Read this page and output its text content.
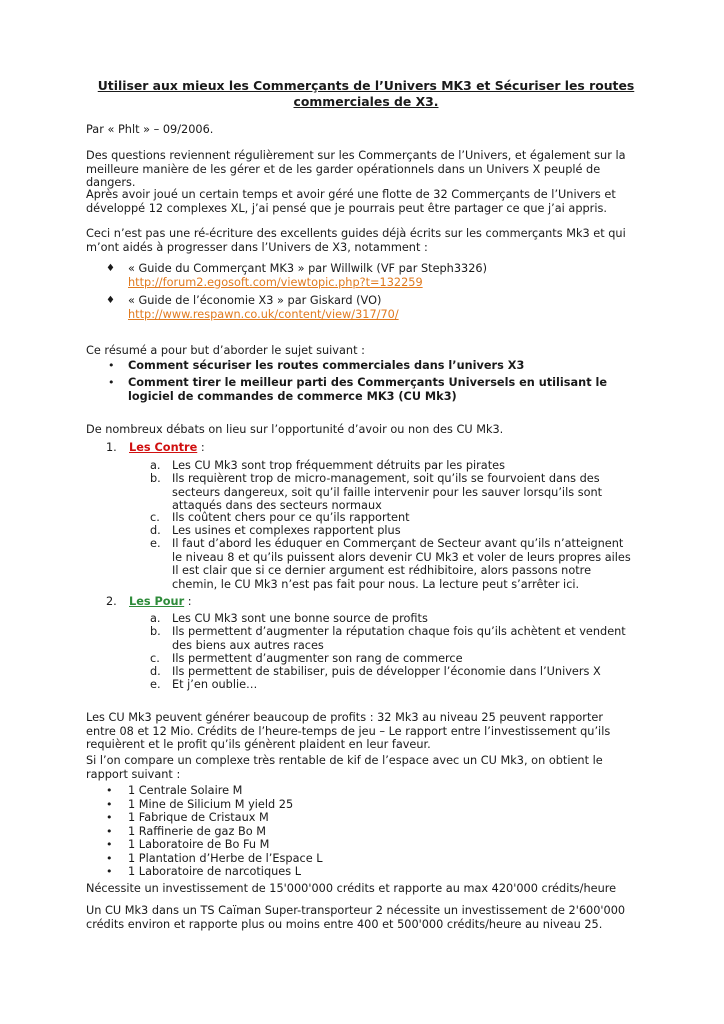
Utiliser aux mieux les Commerçants de l’Univers MK3 et Sécuriser les routes commerciales de X3.

Par « Phlt » – 09/2006.

Des questions reviennent régulièrement sur les Commerçants de l’Univers, et également sur la meilleure manière de les gérer et de les garder opérationnels dans un Univers X peuplé de dangers.

Après avoir joué un certain temps et avoir géré une flotte de 32 Commerçants de l’Univers et développé 12 complexes XL, j’ai pensé que je pourrais peut être partager ce que j’ai appris.

Ceci n’est pas une ré-écriture des excellents guides déjà écrits sur les commerçants Mk3 et qui m’ont aidés à progresser dans l’Univers de X3, notamment :

♦ « Guide du Commerçant MK3 » par Willwilk (VF par Steph3326)
http://forum2.egosoft.com/viewtopic.php?t=132259
♦ « Guide de l’économie X3 » par Giskard (VO)
http://www.respawn.co.uk/content/view/317/70/

Ce résumé a pour but d’aborder le sujet suivant :

• Comment sécuriser les routes commerciales dans l’univers X3
• Comment tirer le meilleur parti des Commerçants Universels en utilisant le logiciel de commandes de commerce MK3 (CU Mk3)

De nombreux débats on lieu sur l’opportunité d’avoir ou non des CU Mk3.

1. Les Contre :
a. Les CU Mk3 sont trop fréquemment détruits par les pirates
b. Ils requièrent trop de micro-management, soit qu’ils se fourvoient dans des secteurs dangereux, soit qu’il faille intervenir pour les sauver lorsqu’ils sont attaqués dans des secteurs normaux
c. Ils coûtent chers pour ce qu’ils rapportent
d. Les usines et complexes rapportent plus
e. Il faut d’abord les éduquer en Commerçant de Secteur avant qu’ils n’atteignent le niveau 8 et qu’ils puissent alors devenir CU Mk3 et voler de leurs propres ailes
Il est clair que si ce dernier argument est rédhibitoire, alors passons notre chemin, le CU Mk3 n’est pas fait pour nous. La lecture peut s’arrêter ici.
2. Les Pour :
a. Les CU Mk3 sont une bonne source de profits
b. Ils permettent d’augmenter la réputation chaque fois qu’ils achètent et vendent des biens aux autres races
c. Ils permettent d’augmenter son rang de commerce
d. Ils permettent de stabiliser, puis de développer l’économie dans l’Univers X
e. Et j’en oublie…

Les CU Mk3 peuvent générer beaucoup de profits : 32 Mk3 au niveau 25 peuvent rapporter entre 08 et 12 Mio. Crédits de l’heure-temps de jeu – Le rapport entre l’investissement qu’ils requièrent et le profit qu’ils génèrent plaident en leur faveur.

Si l’on compare un complexe très rentable de kif de l’espace avec un CU Mk3, on obtient le rapport suivant :

• 1 Centrale Solaire M
• 1 Mine de Silicium M yield 25
• 1 Fabrique de Cristaux M
• 1 Raffinerie de gaz Bo M
• 1 Laboratoire de Bo Fu M
• 1 Plantation d’Herbe de l’Espace L
• 1 Laboratoire de narcotiques L

Nécessite un investissement de 15'000'000 crédits et rapporte au max 420'000 crédits/heure

Un CU Mk3 dans un TS Caïman Super-transporteur 2 nécessite un investissement de 2'600'000 crédits environ et rapporte plus ou moins entre 400 et 500'000 crédits/heure au niveau 25.
